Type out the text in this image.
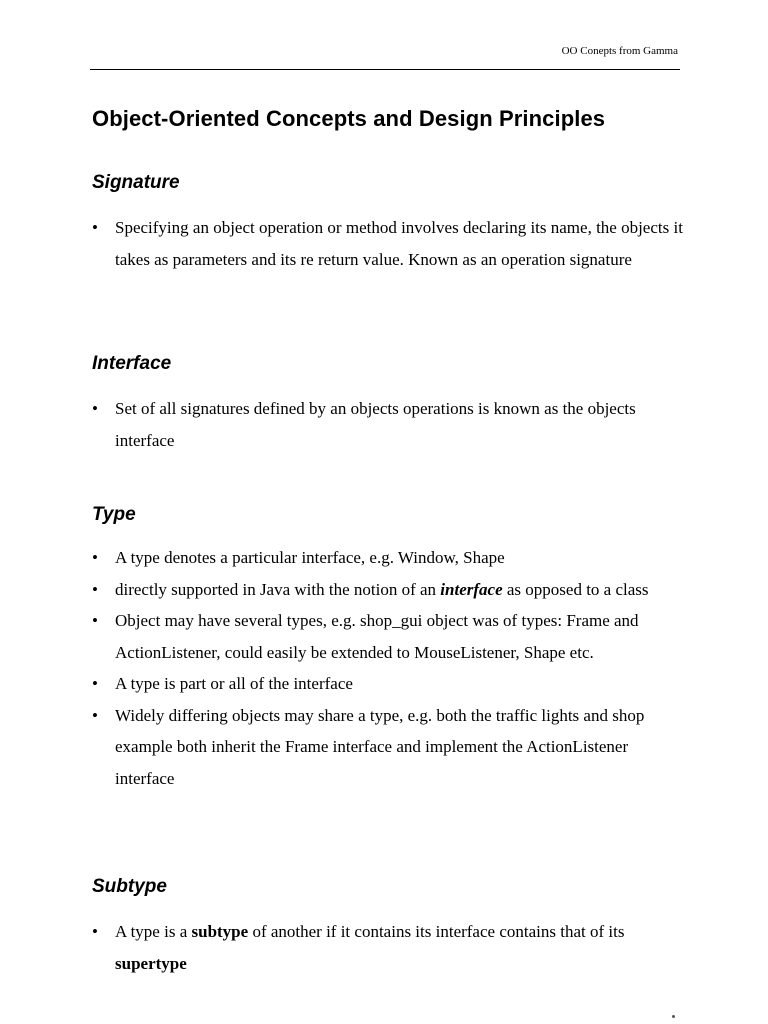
OO Conepts from Gamma
Object-Oriented Concepts and Design Principles
Signature
• Specifying an object operation or method involves declaring its name, the objects it takes as parameters and its re return value. Known as an operation signature
Interface
• Set of all signatures defined by an objects operations is known as the objects interface
Type
• A type denotes a particular interface, e.g. Window, Shape
• directly supported in Java with the notion of an interface as opposed to a class
• Object may have several types, e.g. shop_gui object was of types: Frame and ActionListener, could easily be extended to MouseListener, Shape etc.
• A type is part or all of the interface
• Widely differing objects may share a type, e.g. both the traffic lights and shop example both inherit the Frame interface and implement the ActionListener interface
Subtype
• A type is a subtype of another if it contains its interface contains that of its supertype
